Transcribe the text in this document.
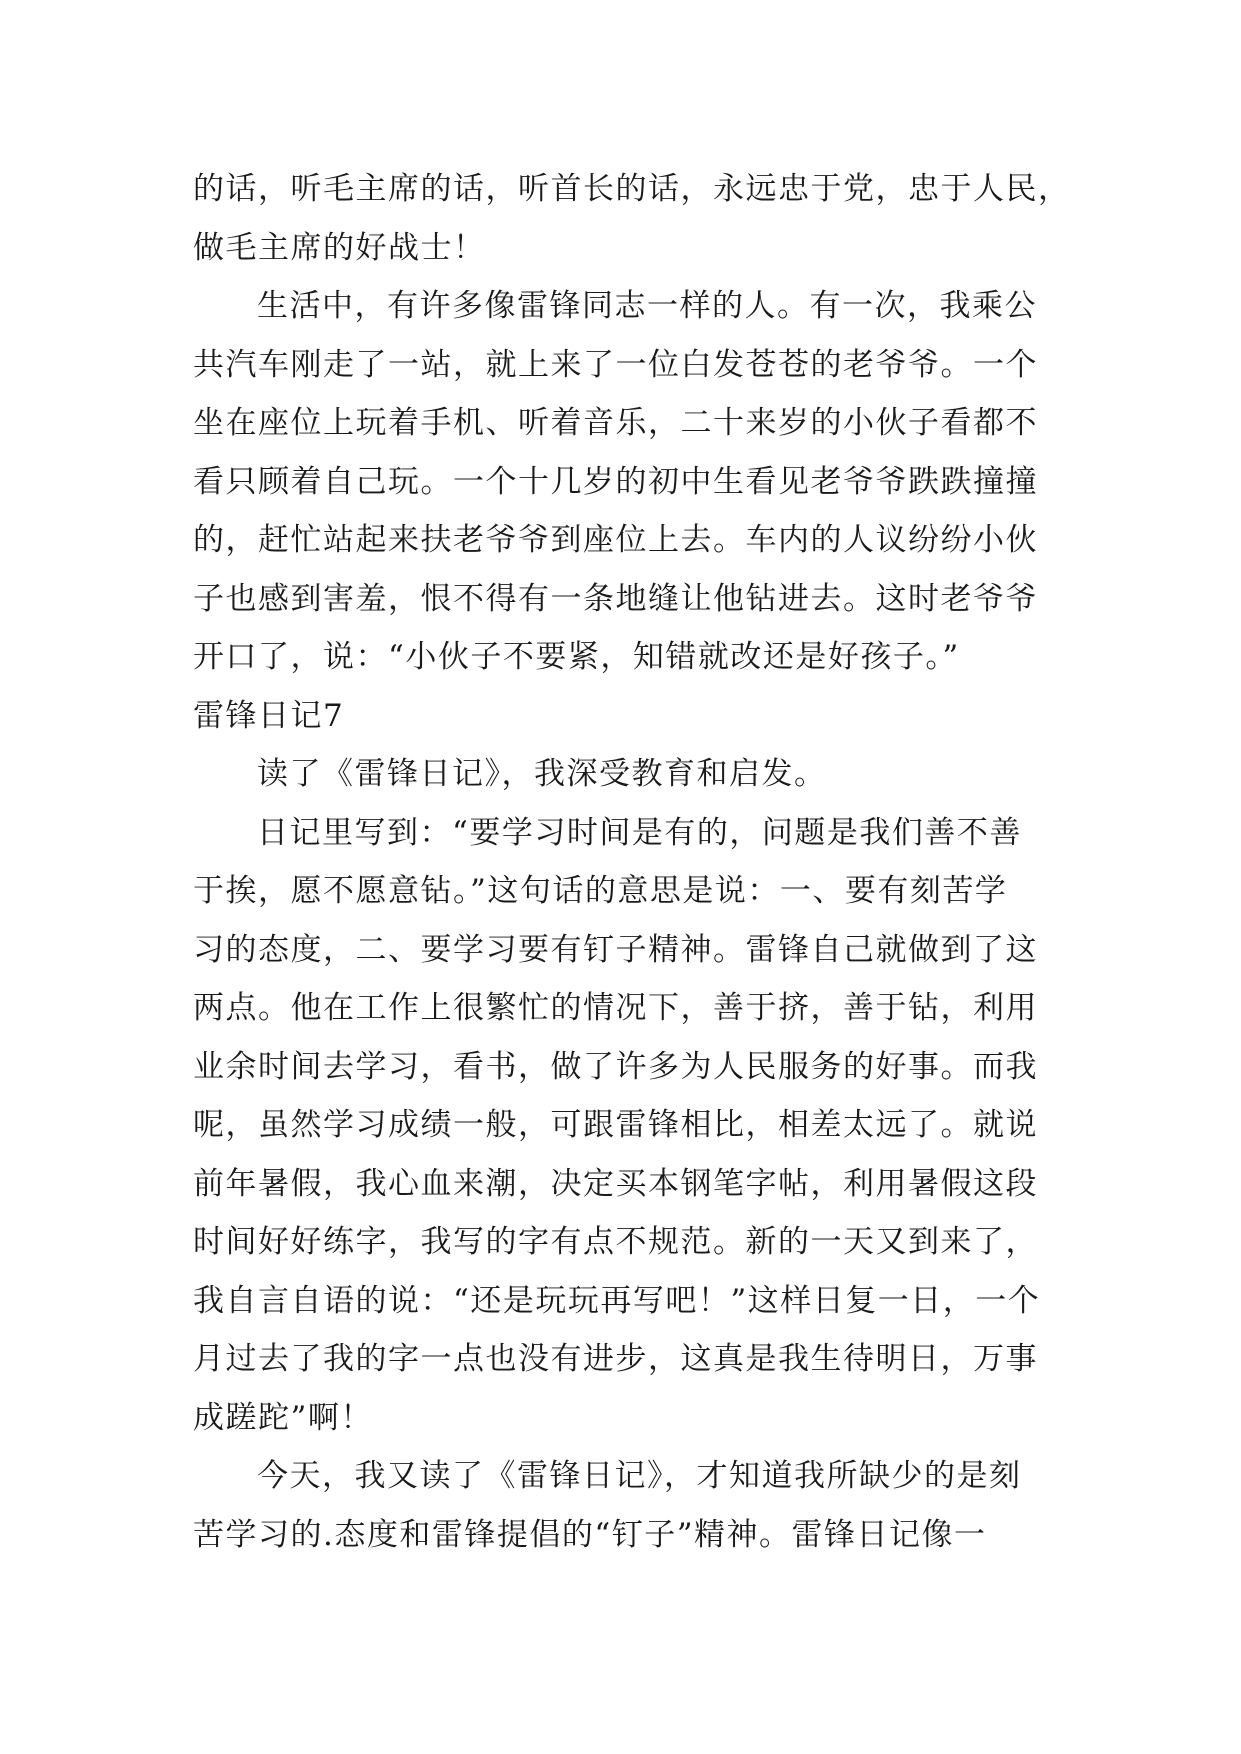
的话，听毛主席的话，听首长的话，永远忠于党，忠于人民，
做毛主席的好战士！
生活中，有许多像雷锋同志一样的人。有一次，我乘公
共汽车刚走了一站，就上来了一位白发苍苍的老爷爷。一个
坐在座位上玩着手机、听着音乐，二十来岁的小伙子看都不
看只顾着自己玩。一个十几岁的初中生看见老爷爷跌跌撞撞
的，赶忙站起来扶老爷爷到座位上去。车内的人议纷纷小伙
子也感到害羞，恨不得有一条地缝让他钻进去。这时老爷爷
开口了，说：“小伙子不要紧，知错就改还是好孩子。”
雷锋日记7
读了《雷锋日记》，我深受教育和启发。
日记里写到：“要学习时间是有的，问题是我们善不善
于挨，愿不愿意钻。”这句话的意思是说：一、要有刻苦学
习的态度，二、要学习要有钉子精神。雷锋自己就做到了这
两点。他在工作上很繁忙的情况下，善于挤，善于钻，利用
业余时间去学习，看书，做了许多为人民服务的好事。而我
呢，虽然学习成绩一般，可跟雷锋相比，相差太远了。就说
前年暑假，我心血来潮，决定买本钢笔字帖，利用暑假这段
时间好好练字，我写的字有点不规范。新的一天又到来了，
我自言自语的说：“还是玩玩再写吧！”这样日复一日，一个
月过去了我的字一点也没有进步，这真是我生待明日，万事
成蹉跎”啊！
今天，我又读了《雷锋日记》，才知道我所缺少的是刻
苦学习的.态度和雷锋提倡的“钉子”精神。雷锋日记像一
